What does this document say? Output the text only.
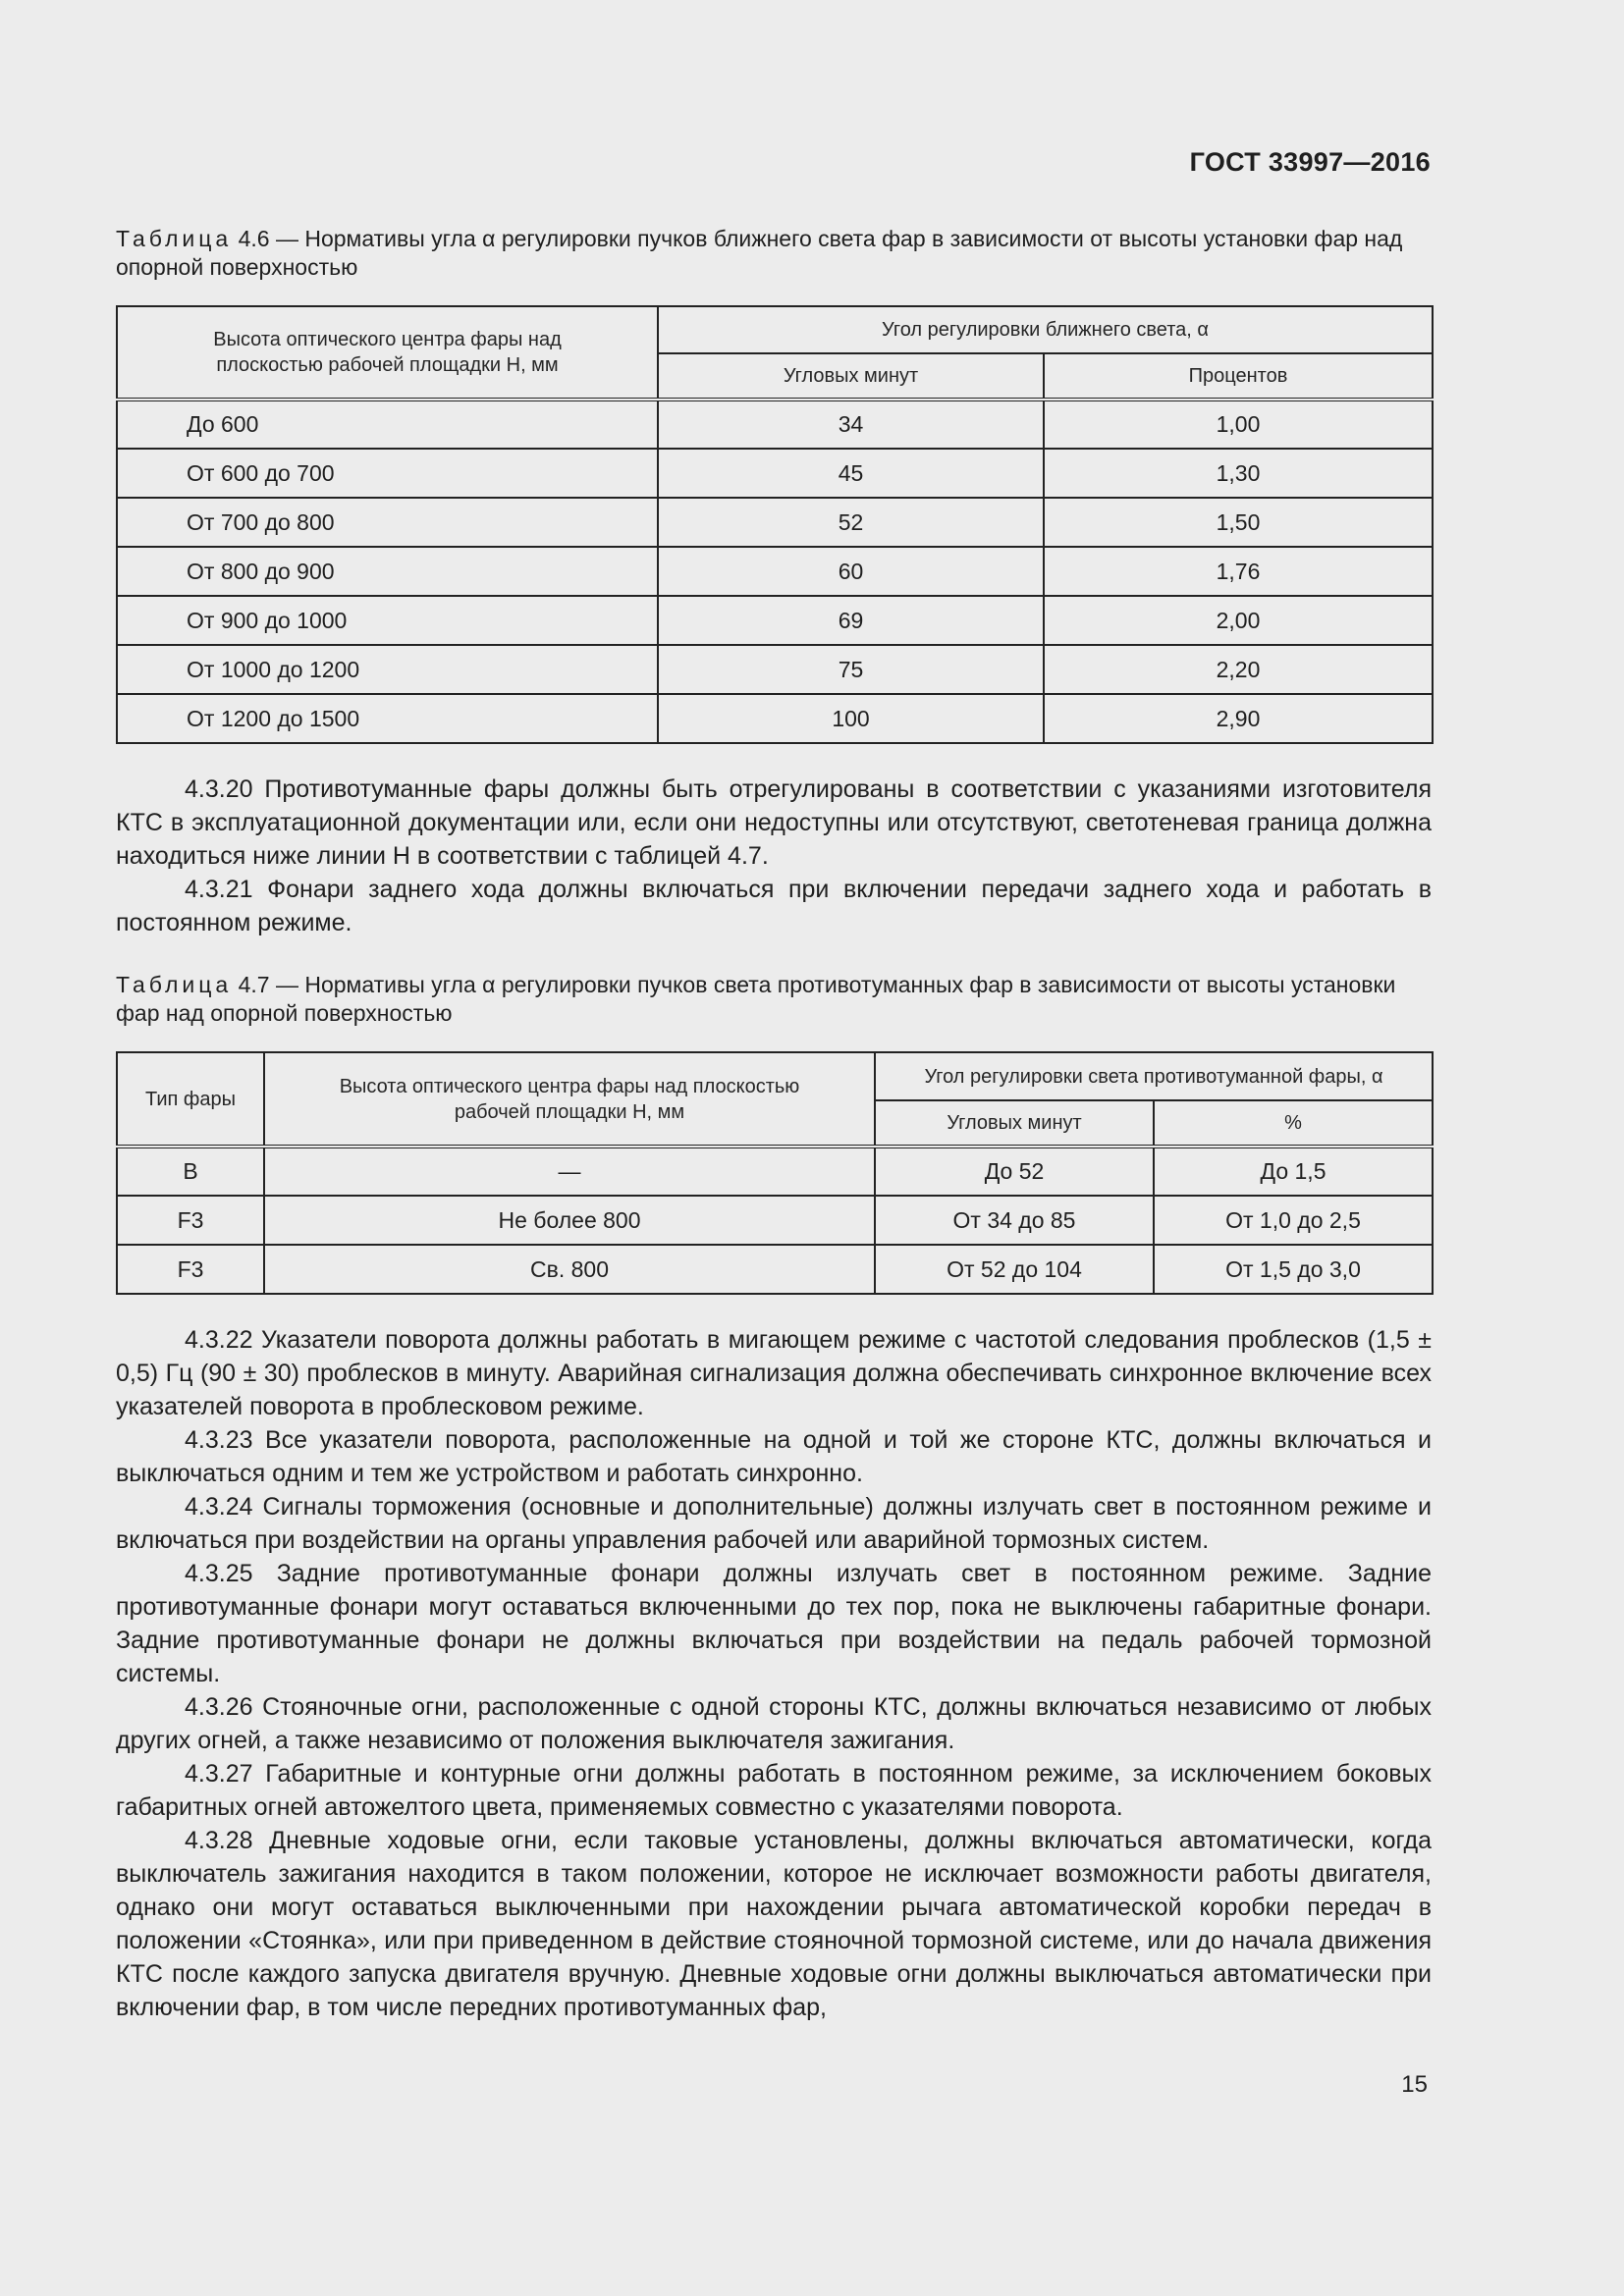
ГОСТ 33997—2016
Таблица 4.6 — Нормативы угла α регулировки пучков ближнего света фар в зависимости от высоты установки фар над опорной поверхностью
Высота оптического центра фары над плоскостью рабочей площадки H, мм	Угол регулировки ближнего света, α	
	Угловых минут	Процентов
До 600	34	1,00
От 600 до 700	45	1,30
От 700 до 800	52	1,50
От 800 до 900	60	1,76
От 900 до 1000	69	2,00
От 1000 до 1200	75	2,20
От 1200 до 1500	100	2,90

4.3.20 Противотуманные фары должны быть отрегулированы в соответствии с указаниями изготовителя КТС в эксплуатационной документации или, если они недоступны или отсутствуют, светотеневая граница должна находиться ниже линии H в соответствии с таблицей 4.7.

4.3.21 Фонари заднего хода должны включаться при включении передачи заднего хода и работать в постоянном режиме.

Таблица 4.7 — Нормативы угла α регулировки пучков света противотуманных фар в зависимости от высоты установки фар над опорной поверхностью
Тип фары	Высота оптического центра фары над плоскостью рабочей площадки H, мм	Угол регулировки света противотуманной фары, α	
		Угловых минут	%
B	—	До 52	До 1,5
F3	Не более 800	От 34 до 85	От 1,0 до 2,5
F3	Св. 800	От 52 до 104	От 1,5 до 3,0

4.3.22 Указатели поворота должны работать в мигающем режиме с частотой следования проблесков (1,5 ± 0,5) Гц (90 ± 30) проблесков в минуту. Аварийная сигнализация должна обеспечивать синхронное включение всех указателей поворота в проблесковом режиме.

4.3.23 Все указатели поворота, расположенные на одной и той же стороне КТС, должны включаться и выключаться одним и тем же устройством и работать синхронно.

4.3.24 Сигналы торможения (основные и дополнительные) должны излучать свет в постоянном режиме и включаться при воздействии на органы управления рабочей или аварийной тормозных систем.

4.3.25 Задние противотуманные фонари должны излучать свет в постоянном режиме. Задние противотуманные фонари могут оставаться включенными до тех пор, пока не выключены габаритные фонари. Задние противотуманные фонари не должны включаться при воздействии на педаль рабочей тормозной системы.

4.3.26 Стояночные огни, расположенные с одной стороны КТС, должны включаться независимо от любых других огней, а также независимо от положения выключателя зажигания.

4.3.27 Габаритные и контурные огни должны работать в постоянном режиме, за исключением боковых габаритных огней автожелтого цвета, применяемых совместно с указателями поворота.

4.3.28 Дневные ходовые огни, если таковые установлены, должны включаться автоматически, когда выключатель зажигания находится в таком положении, которое не исключает возможности работы двигателя, однако они могут оставаться выключенными при нахождении рычага автоматической коробки передач в положении «Стоянка», или при приведенном в действие стояночной тормозной системе, или до начала движения КТС после каждого запуска двигателя вручную. Дневные ходовые огни должны выключаться автоматически при включении фар, в том числе передних противотуманных фар,

15
